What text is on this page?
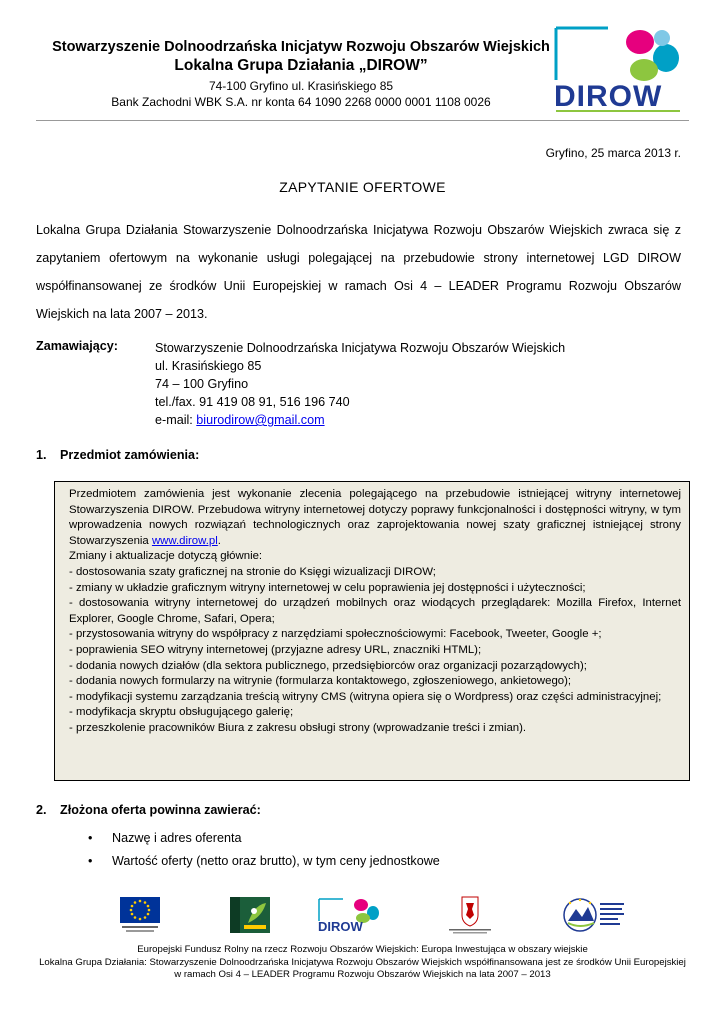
Stowarzyszenie Dolnoodrzańska Inicjatyw Rozwoju Obszarów Wiejskich
Lokalna Grupa Działania „DIROW”
74-100 Gryfino ul. Krasińskiego 85
Bank Zachodni WBK S.A. nr konta 64 1090 2268 0000 0001 1108 0026	DIROW
Gryfino, 25 marca 2013 r.
ZAPYTANIE OFERTOWE

Lokalna Grupa Działania Stowarzyszenie Dolnoodrzańska Inicjatywa Rozwoju Obszarów Wiejskich zwraca się z zapytaniem ofertowym na wykonanie usługi polegającej na przebudowie strony internetowej LGD DIROW współfinansowanej ze środków Unii Europejskiej w ramach Osi 4 – LEADER Programu Rozwoju Obszarów Wiejskich na lata 2007 – 2013.

Zamawiający:	Stowarzyszenie Dolnoodrzańska Inicjatywa Rozwoju Obszarów Wiejskich
ul. Krasińskiego 85
74 – 100 Gryfino
tel./fax. 91 419 08 91, 516 196 740
e-mail: biurodirow@gmail.com
1. Przedmiot zamówienia:

Przedmiotem zamówienia jest wykonanie zlecenia polegającego na przebudowie istniejącej witryny internetowej Stowarzyszenia DIROW. Przebudowa witryny internetowej dotyczy poprawy funkcjonalności i dostępności witryny, w tym wprowadzenia nowych rozwiązań technologicznych oraz zaprojektowania nowej szaty graficznej istniejącej strony Stowarzyszenia www.dirow.pl.

Zmiany i aktualizacje dotyczą głównie:

- dostosowania szaty graficznej na stronie do Księgi wizualizacji DIROW;

- zmiany w układzie graficznym witryny internetowej w celu poprawienia jej dostępności i użyteczności;

- dostosowania witryny internetowej do urządzeń mobilnych oraz wiodących przeglądarek: Mozilla Firefox, Internet Explorer, Google Chrome, Safari, Opera;

- przystosowania witryny do współpracy z narzędziami społecznościowymi: Facebook, Tweeter, Google +;

- poprawienia SEO witryny internetowej (przyjazne adresy URL, znaczniki HTML);

- dodania nowych działów (dla sektora publicznego, przedsiębiorców oraz organizacji pozarządowych);

- dodania nowych formularzy na witrynie (formularza kontaktowego, zgłoszeniowego, ankietowego);

- modyfikacji systemu zarządzania treścią witryny CMS (witryna opiera się o Wordpress) oraz części administracyjnej;

- modyfikacja skryptu obsługującego galerię;

- przeszkolenie pracowników Biura z zakresu obsługi strony (wprowadzanie treści i zmian).

2. Złożona oferta powinna zawierać:
• Nazwę i adres oferenta
• Wartość oferty (netto oraz brutto), w tym ceny jednostkowe
DIROW
Europejski Fundusz Rolny na rzecz Rozwoju Obszarów Wiejskich: Europa Inwestująca w obszary wiejskie
Lokalna Grupa Działania: Stowarzyszenie Dolnoodrzańska Inicjatywa Rozwoju Obszarów Wiejskich współfinansowana jest ze środków Unii Europejskiej
w ramach Osi 4 – LEADER Programu Rozwoju Obszarów Wiejskich na lata 2007 – 2013
